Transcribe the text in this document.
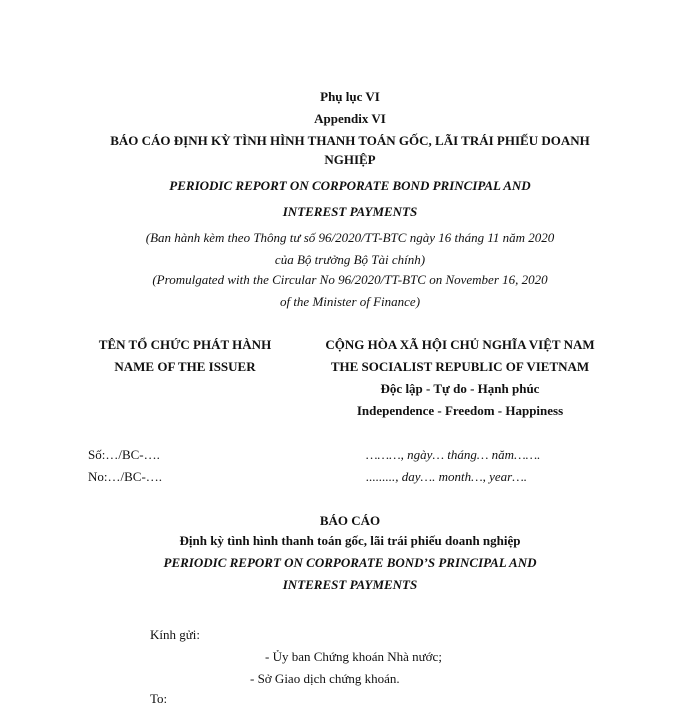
Phụ lục VI
Appendix VI
BÁO CÁO ĐỊNH KỲ TÌNH HÌNH THANH TOÁN GỐC, LÃI TRÁI PHIẾU DOANH
NGHIỆP
PERIODIC REPORT ON CORPORATE BOND PRINCIPAL AND
INTEREST PAYMENTS
(Ban hành kèm theo Thông tư số 96/2020/TT-BTC ngày 16 tháng 11 năm 2020
của Bộ trưởng Bộ Tài chính)
(Promulgated with the Circular No 96/2020/TT-BTC on November 16, 2020
of the Minister of Finance)
TÊN TỔ CHỨC PHÁT HÀNH
NAME OF THE ISSUER
CỘNG HÒA XÃ HỘI CHỦ NGHĨA VIỆT NAM
THE SOCIALIST REPUBLIC OF VIETNAM
Độc lập - Tự do - Hạnh phúc
Independence - Freedom - Happiness
Số:…/BC-….
No:…/BC-….
………, ngày… tháng… năm…….
........., day…. month…, year….
BÁO CÁO
Định kỳ tình hình thanh toán gốc, lãi trái phiếu doanh nghiệp
PERIODIC REPORT ON CORPORATE BOND’S PRINCIPAL AND
INTEREST PAYMENTS
Kính gửi:
- Ủy ban Chứng khoán Nhà nước;
- Sở Giao dịch chứng khoán.
To:
